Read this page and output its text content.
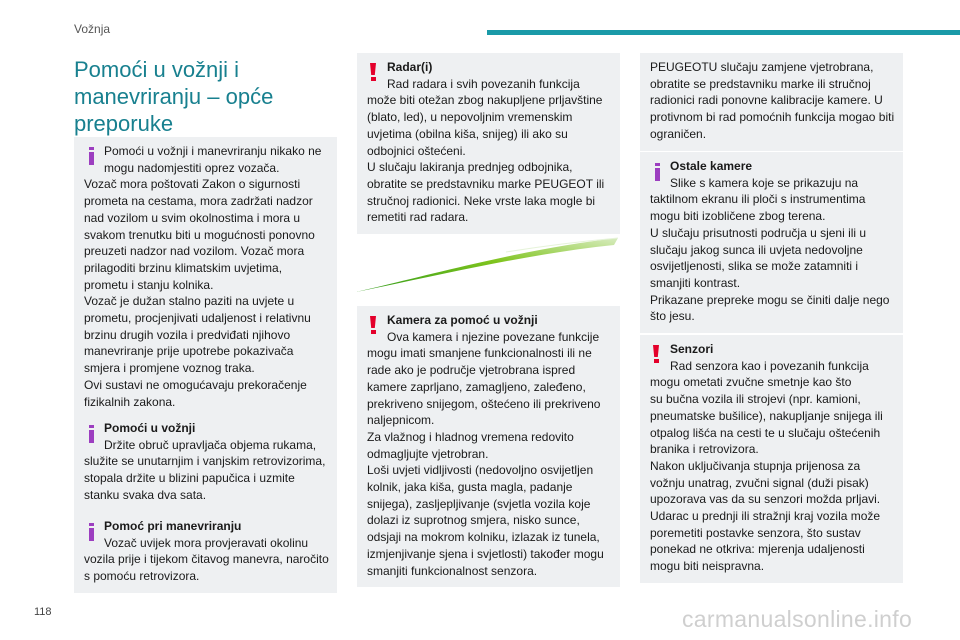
Vožnja
Pomoći u vožnji i
manevriranju – opće
preporuke

Pomoći u vožnji i manevriranju nikako ne

mogu nadomjestiti oprez vozača.

Vozač mora poštovati Zakon o sigurnosti

prometa na cestama, mora zadržati nadzor

nad vozilom u svim okolnostima i mora u

svakom trenutku biti u mogućnosti ponovno

preuzeti nadzor nad vozilom. Vozač mora

prilagoditi brzinu klimatskim uvjetima,

prometu i stanju kolnika.

Vozač je dužan stalno paziti na uvjete u

prometu, procjenjivati udaljenost i relativnu

brzinu drugih vozila i predviđati njihovo

manevriranje prije upotrebe pokazivača

smjera i promjene voznog traka.

Ovi sustavi ne omogućavaju prekoračenje

fizikalnih zakona.

Pomoći u vožnji

Držite obruč upravljača objema rukama,

služite se unutarnjim i vanjskim retrovizorima,

stopala držite u blizini papučica i uzmite

stanku svaka dva sata.

Pomoć pri manevriranju

Vozač uvijek mora provjeravati okolinu

vozila prije i tijekom čitavog manevra, naročito

s pomoću retrovizora.

Radar(i)

Rad radara i svih povezanih funkcija

može biti otežan zbog nakupljene prljavštine

(blato, led), u nepovoljnim vremenskim

uvjetima (obilna kiša, snijeg) ili ako su

odbojnici oštećeni.

U slučaju lakiranja prednjeg odbojnika,

obratite se predstavniku marke PEUGEOT ili

stručnoj radionici. Neke vrste laka mogle bi

remetiti rad radara.

Kamera za pomoć u vožnji

Ova kamera i njezine povezane funkcije

mogu imati smanjene funkcionalnosti ili ne

rade ako je područje vjetrobrana ispred

kamere zaprljano, zamagljeno, zaleđeno,

prekriveno snijegom, oštećeno ili prekriveno

naljepnicom.

Za vlažnog i hladnog vremena redovito

odmagljujte vjetrobran.

Loši uvjeti vidljivosti (nedovoljno osvijetljen

kolnik, jaka kiša, gusta magla, padanje

snijega), zasljepljivanje (svjetla vozila koje

dolazi iz suprotnog smjera, nisko sunce,

odsjaji na mokrom kolniku, izlazak iz tunela,

izmjenjivanje sjena i svjetlosti) također mogu

smanjiti funkcionalnost senzora.

PEUGEOTU slučaju zamjene vjetrobrana,

obratite se predstavniku marke ili stručnoj

radionici radi ponovne kalibracije kamere. U

protivnom bi rad pomoćnih funkcija mogao biti

ograničen.

Ostale kamere

Slike s kamera koje se prikazuju na

taktilnom ekranu ili ploči s instrumentima

mogu biti izobličene zbog terena.

U slučaju prisutnosti područja u sjeni ili u

slučaju jakog sunca ili uvjeta nedovoljne

osvijetljenosti, slika se može zatamniti i

smanjiti kontrast.

Prikazane prepreke mogu se činiti dalje nego

što jesu.

Senzori

Rad senzora kao i povezanih funkcija

mogu ometati zvučne smetnje kao što

su bučna vozila ili strojevi (npr. kamioni,

pneumatske bušilice), nakupljanje snijega ili

otpalog lišća na cesti te u slučaju oštećenih

branika i retrovizora.

Nakon uključivanja stupnja prijenosa za

vožnju unatrag, zvučni signal (duži pisak)

upozorava vas da su senzori možda prljavi.

Udarac u prednji ili stražnji kraj vozila može

poremetiti postavke senzora, što sustav

ponekad ne otkriva: mjerenja udaljenosti

mogu biti neispravna.

118	carmanualsonline.info
